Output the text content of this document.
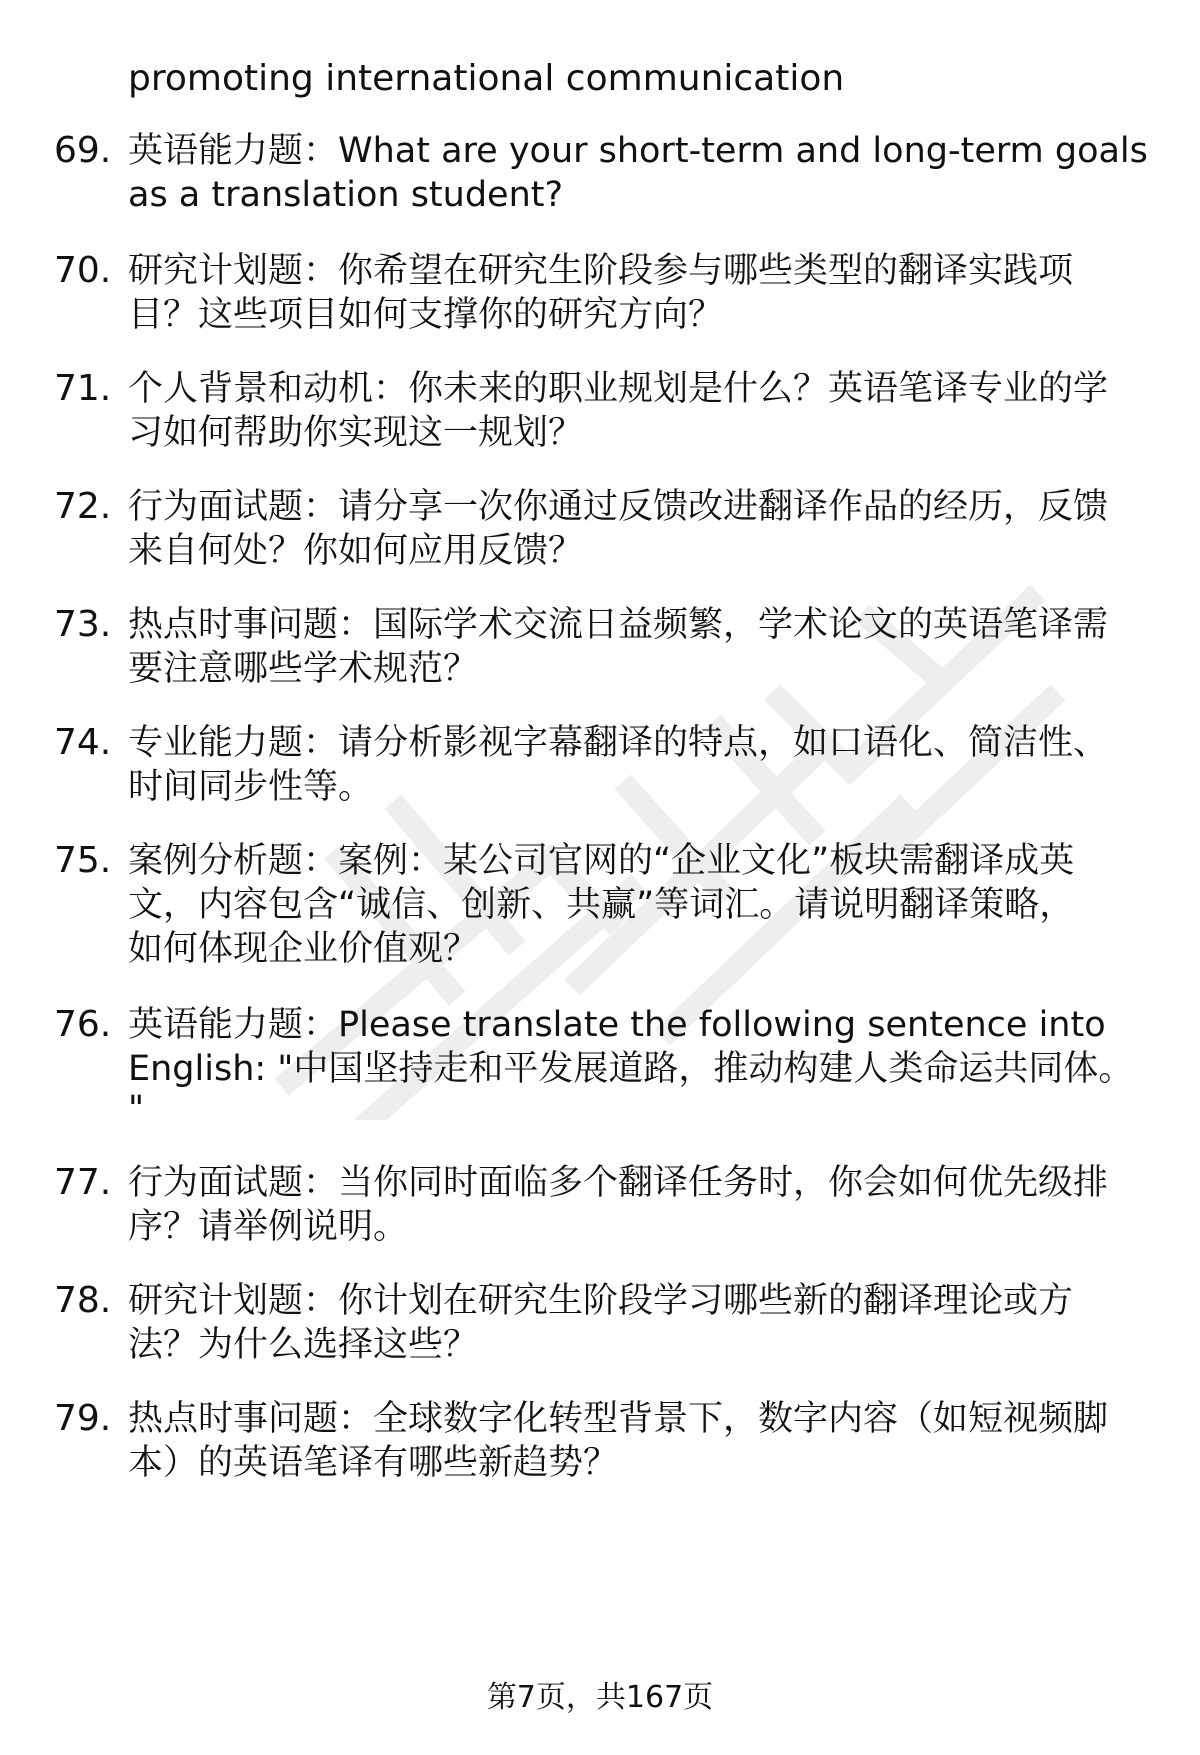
promoting international communication
69. 英语能力题：What are your short-term and long-term goals
as a translation student?
70. 研究计划题：你希望在研究生阶段参与哪些类型的翻译实践项
目？这些项目如何支撑你的研究方向？
71. 个人背景和动机：你未来的职业规划是什么？英语笔译专业的学
习如何帮助你实现这一规划？
72. 行为面试题：请分享一次你通过反馈改进翻译作品的经历，反馈
来自何处？你如何应用反馈？
73. 热点时事问题：国际学术交流日益频繁，学术论文的英语笔译需
要注意哪些学术规范？
74. 专业能力题：请分析影视字幕翻译的特点，如口语化、简洁性、
时间同步性等。
75. 案例分析题：案例：某公司官网的“企业文化”板块需翻译成英
文，内容包含“诚信、创新、共赢”等词汇。请说明翻译策略，
如何体现企业价值观？
76. 英语能力题：Please translate the following sentence into
English: "中国坚持走和平发展道路，推动构建人类命运共同体。
"
77. 行为面试题：当你同时面临多个翻译任务时，你会如何优先级排
序？请举例说明。
78. 研究计划题：你计划在研究生阶段学习哪些新的翻译理论或方
法？为什么选择这些？
79. 热点时事问题：全球数字化转型背景下，数字内容（如短视频脚
本）的英语笔译有哪些新趋势？
第7页，共167页
